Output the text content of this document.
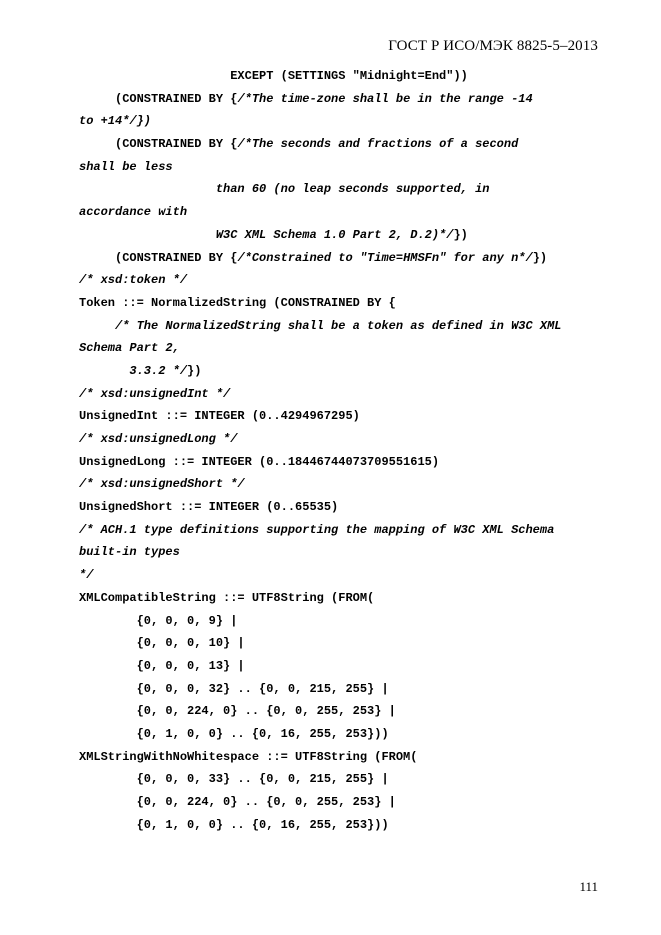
ГОСТ Р ИСО/МЭК 8825-5–2013
EXCEPT (SETTINGS "Midnight=End"))
(CONSTRAINED BY {/*The time-zone shall be in the range -14
to +14*/})
(CONSTRAINED BY {/*The seconds and fractions of a second
shall be less
than 60 (no leap seconds supported, in
accordance with
W3C XML Schema 1.0 Part 2, D.2)*/})
(CONSTRAINED BY {/*Constrained to "Time=HMSFn" for any n*/})
/* xsd:token */
Token ::= NormalizedString (CONSTRAINED BY {
/* The NormalizedString shall be a token as defined in W3C XML
Schema Part 2,
3.3.2 */})
/* xsd:unsignedInt */
UnsignedInt ::= INTEGER (0..4294967295)
/* xsd:unsignedLong */
UnsignedLong ::= INTEGER (0..18446744073709551615)
/* xsd:unsignedShort */
UnsignedShort ::= INTEGER (0..65535)
/* АCH.1 type definitions supporting the mapping of W3C XML Schema
built-in types
*/
XMLCompatibleString ::= UTF8String (FROM(
{0, 0, 0, 9} |
{0, 0, 0, 10} |
{0, 0, 0, 13} |
{0, 0, 0, 32} .. {0, 0, 215, 255} |
{0, 0, 224, 0} .. {0, 0, 255, 253} |
{0, 1, 0, 0} .. {0, 16, 255, 253}))
XMLStringWithNoWhitespace ::= UTF8String (FROM(
{0, 0, 0, 33} .. {0, 0, 215, 255} |
{0, 0, 224, 0} .. {0, 0, 255, 253} |
{0, 1, 0, 0} .. {0, 16, 255, 253}))
111
